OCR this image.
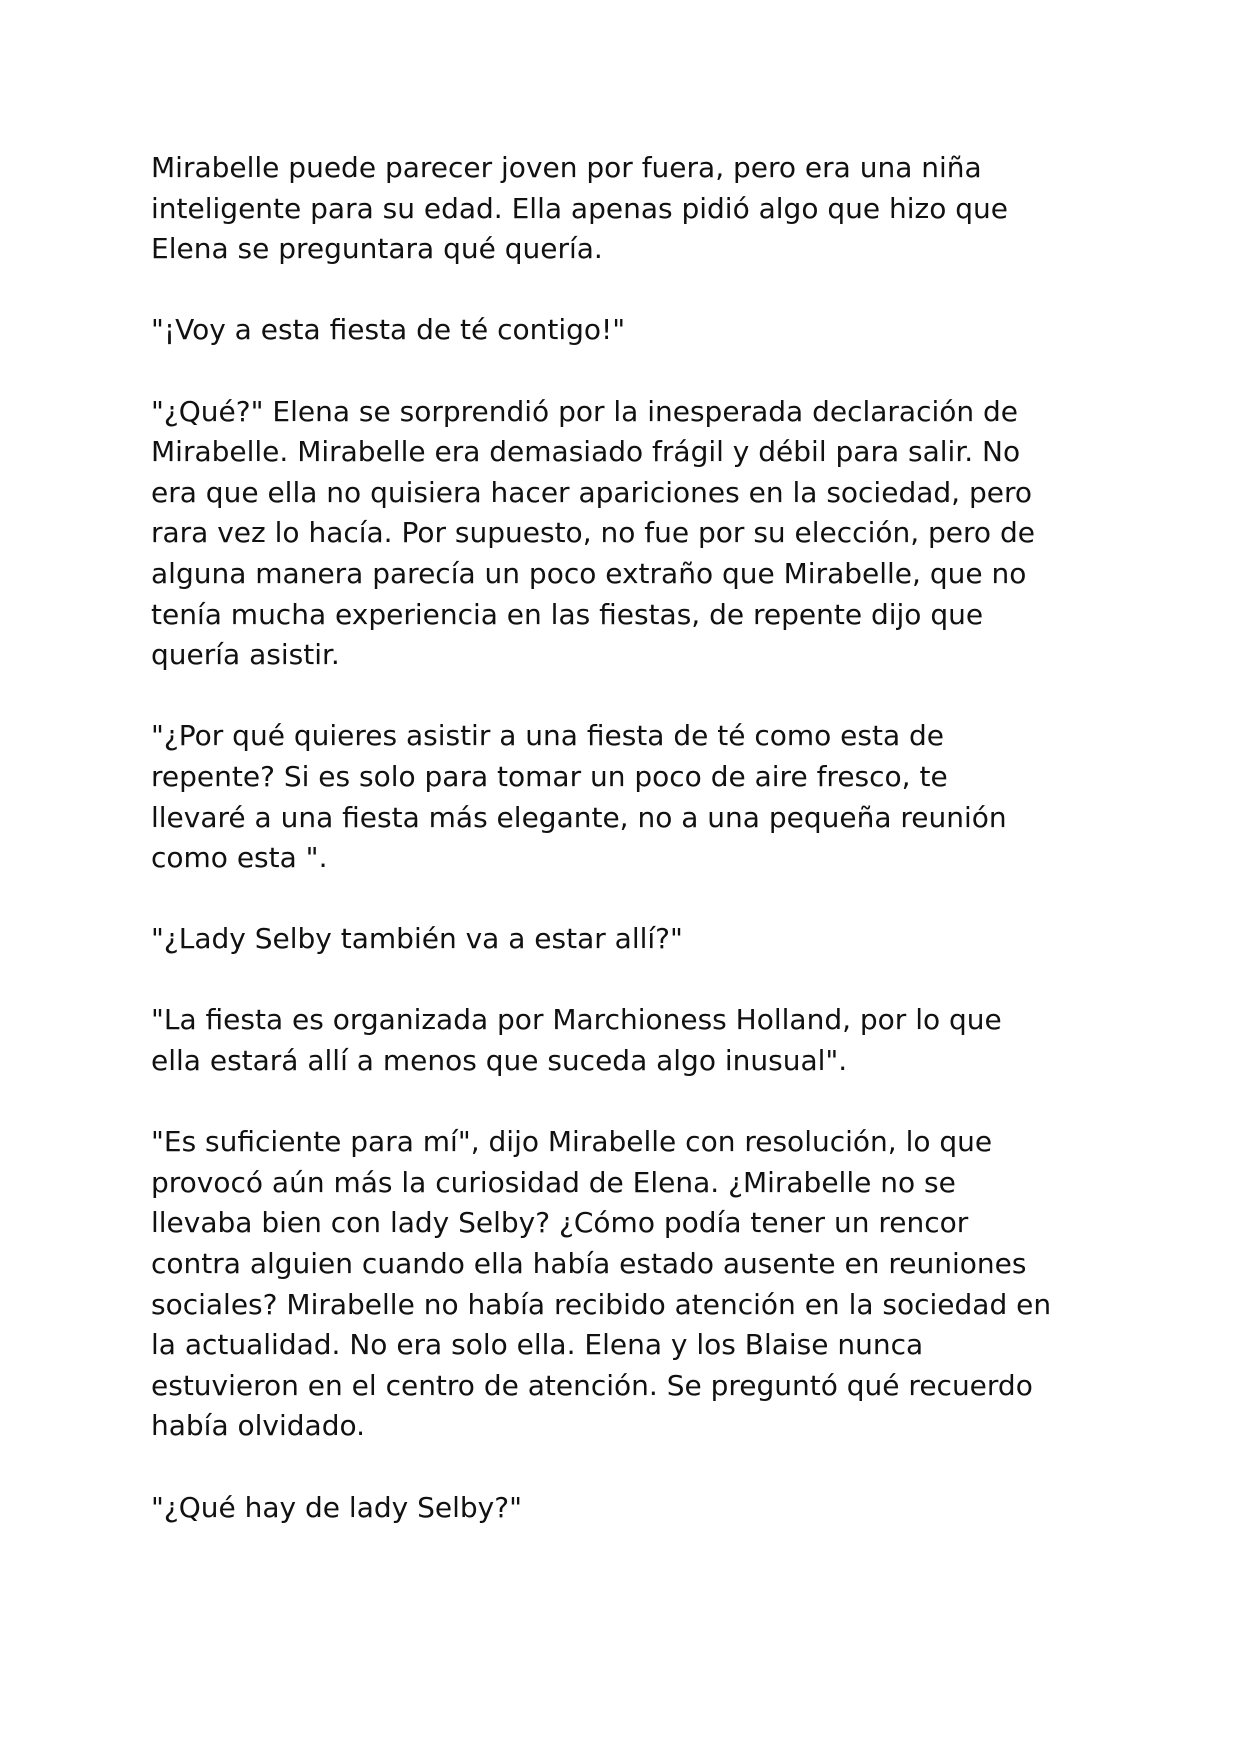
Mirabelle puede parecer joven por fuera, pero era una niña
inteligente para su edad. Ella apenas pidió algo que hizo que
Elena se preguntara qué quería.

"¡Voy a esta fiesta de té contigo!"

"¿Qué?" Elena se sorprendió por la inesperada declaración de
Mirabelle. Mirabelle era demasiado frágil y débil para salir. No
era que ella no quisiera hacer apariciones en la sociedad, pero
rara vez lo hacía. Por supuesto, no fue por su elección, pero de
alguna manera parecía un poco extraño que Mirabelle, que no
tenía mucha experiencia en las fiestas, de repente dijo que
quería asistir.

"¿Por qué quieres asistir a una fiesta de té como esta de
repente? Si es solo para tomar un poco de aire fresco, te
llevaré a una fiesta más elegante, no a una pequeña reunión
como esta ".

"¿Lady Selby también va a estar allí?"

"La fiesta es organizada por Marchioness Holland, por lo que
ella estará allí a menos que suceda algo inusual".

"Es suficiente para mí", dijo Mirabelle con resolución, lo que
provocó aún más la curiosidad de Elena. ¿Mirabelle no se
llevaba bien con lady Selby? ¿Cómo podía tener un rencor
contra alguien cuando ella había estado ausente en reuniones
sociales? Mirabelle no había recibido atención en la sociedad en
la actualidad. No era solo ella. Elena y los Blaise nunca
estuvieron en el centro de atención. Se preguntó qué recuerdo
había olvidado.

"¿Qué hay de lady Selby?"
